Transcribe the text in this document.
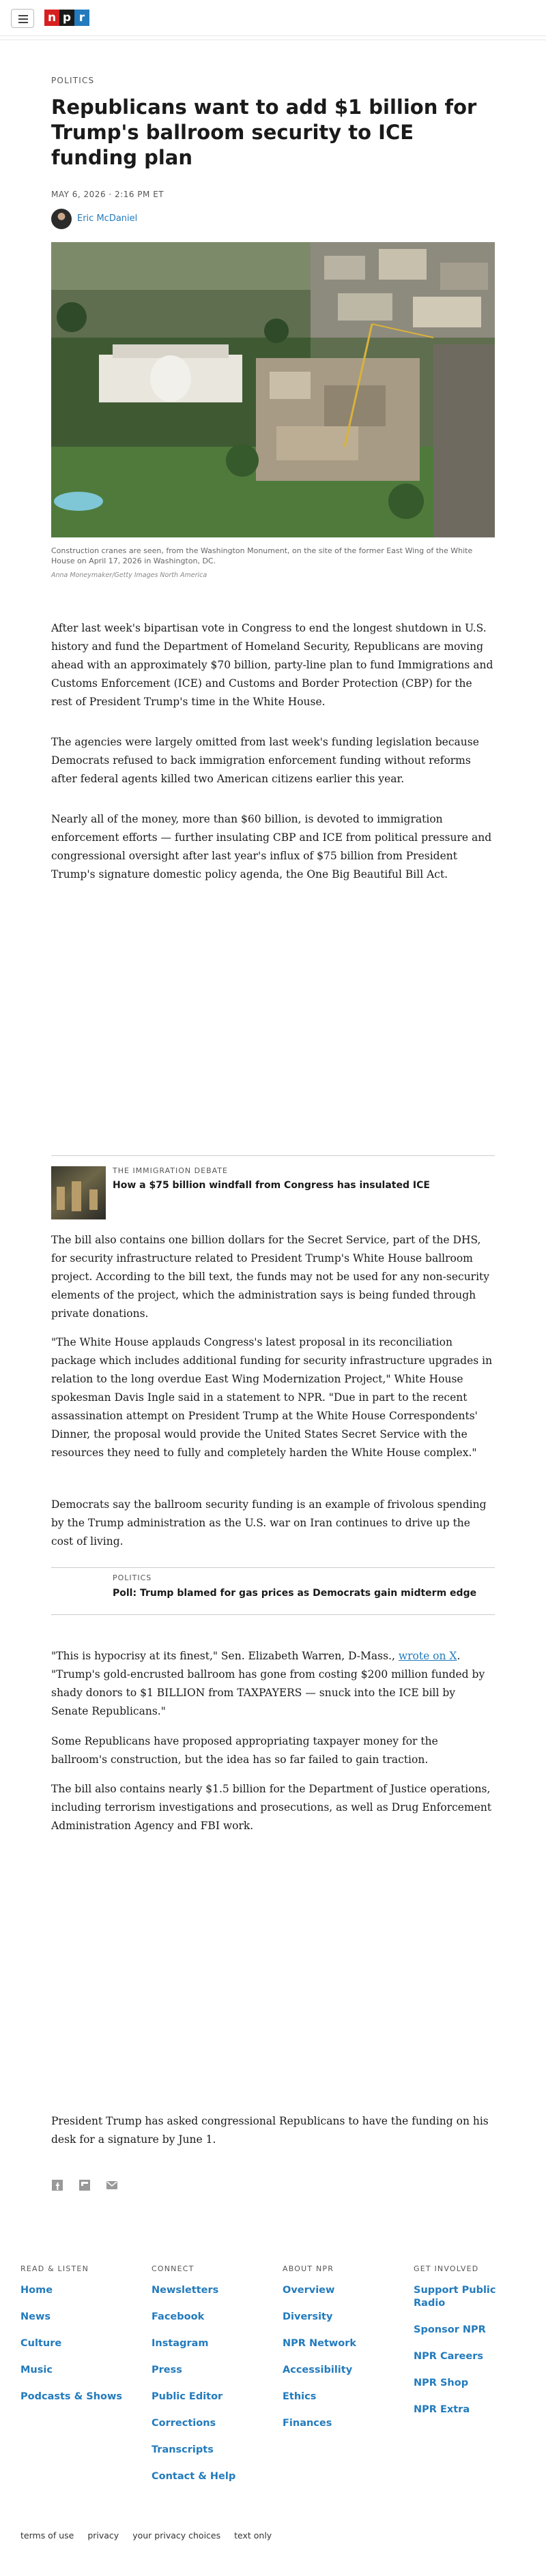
n p r
POLITICS
Republicans want to add $1 billion for Trump's ballroom security to ICE funding plan
MAY 6, 2026 · 2:16 PM ET
Eric McDaniel
Construction cranes are seen, from the Washington Monument, on the site of the former East Wing of the White House on April 17, 2026 in Washington, DC.
Anna Moneymaker/Getty Images North America

After last week's bipartisan vote in Congress to end the longest shutdown in U.S. history and fund the Department of Homeland Security, Republicans are moving ahead with an approximately $70 billion, party-line plan to fund Immigrations and Customs Enforcement (ICE) and Customs and Border Protection (CBP) for the rest of President Trump's time in the White House.

The agencies were largely omitted from last week's funding legislation because Democrats refused to back immigration enforcement funding without reforms after federal agents killed two American citizens earlier this year.

Nearly all of the money, more than $60 billion, is devoted to immigration enforcement efforts — further insulating CBP and ICE from political pressure and congressional oversight after last year's influx of $75 billion from President Trump's signature domestic policy agenda, the One Big Beautiful Bill Act.

THE IMMIGRATION DEBATE
How a $75 billion windfall from Congress has insulated ICE

The bill also contains one billion dollars for the Secret Service, part of the DHS, for security infrastructure related to President Trump's White House ballroom project. According to the bill text, the funds may not be used for any non-security elements of the project, which the administration says is being funded through private donations.

"The White House applauds Congress's latest proposal in its reconciliation package which includes additional funding for security infrastructure upgrades in relation to the long overdue East Wing Modernization Project," White House spokesman Davis Ingle said in a statement to NPR. "Due in part to the recent assassination attempt on President Trump at the White House Correspondents' Dinner, the proposal would provide the United States Secret Service with the resources they need to fully and completely harden the White House complex."

Democrats say the ballroom security funding is an example of frivolous spending by the Trump administration as the U.S. war on Iran continues to drive up the cost of living.

POLITICS
Poll: Trump blamed for gas prices as Democrats gain midterm edge

"This is hypocrisy at its finest," Sen. Elizabeth Warren, D-Mass., wrote on X. "Trump's gold-encrusted ballroom has gone from costing $200 million funded by shady donors to $1 BILLION from TAXPAYERS — snuck into the ICE bill by Senate Republicans."

Some Republicans have proposed appropriating taxpayer money for the ballroom's construction, but the idea has so far failed to gain traction.

The bill also contains nearly $1.5 billion for the Department of Justice operations, including terrorism investigations and prosecutions, as well as Drug Enforcement Administration Agency and FBI work.

President Trump has asked congressional Republicans to have the funding on his desk for a signature by June 1.

READ & LISTEN
Home
News
Culture
Music
Podcasts & Shows
CONNECT
Newsletters
Facebook
Instagram
Press
Public Editor
Corrections
Transcripts
Contact & Help
ABOUT NPR
Overview
Diversity
NPR Network
Accessibility
Ethics
Finances
GET INVOLVED
Support Public Radio
Sponsor NPR
NPR Careers
NPR Shop
NPR Extra
terms of use privacy your privacy choices text only
